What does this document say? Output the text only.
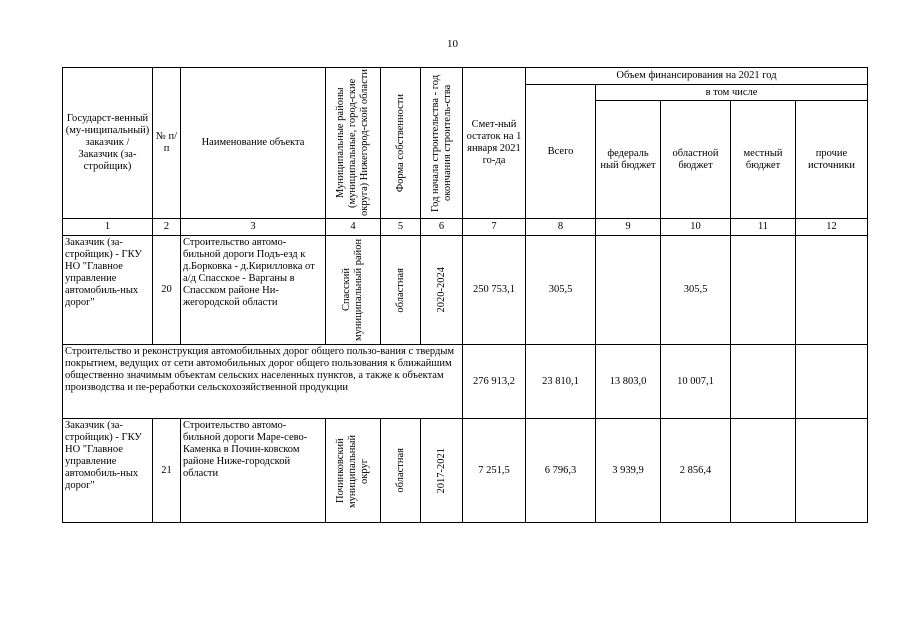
10
Государст-венный (му-ниципальный) заказчик / Заказчик (за-стройщик)	№ п/ п	Наименование объекта	Муниципальные районы (муниципальные, город-ские округа) Нижегород-ской области	Форма собственности	Год начала строительства - год окончания строитель-ства	Смет-ный остаток на 1 января 2021 го-да	Объем финансирования на 2021 год				
							Всего	в том числе			
								федераль ный бюджет	областной бюджет	местный бюджет	прочие источники
1	2	3	4	5	6	7	8	9	10	11	12
Заказчик (за-стройщик) - ГКУ НО "Главное управление автомобиль-ных дорог"	20	Строительство автомо-бильной дороги Подъ-езд к д.Борковка - д.Кирилловка от а/д Спасское - Варганы в Спасском районе Ни-жегородской области	Спасский муниципальный район	областная	2020-2024	250 753,1	305,5		305,5		
Строительство и реконструкция автомобильных дорог общего пользо-вания с твердым покрытием, ведущих от сети автомобильных дорог общего пользования к ближайшим общественно значимым объектам сельских населенных пунктов, а также к объектам производства и пе-реработки сельскохозяйственной продукции						276 913,2	23 810,1	13 803,0	10 007,1		
Заказчик (за-стройщик) - ГКУ НО "Главное управление автомобиль-ных дорог"	21	Строительство автомо-бильной дороги Маре-сево-Каменка в Почин-ковском районе Ниже-городской области	Починковский муниципальный округ	областная	2017-2021	7 251,5	6 796,3	3 939,9	2 856,4		
